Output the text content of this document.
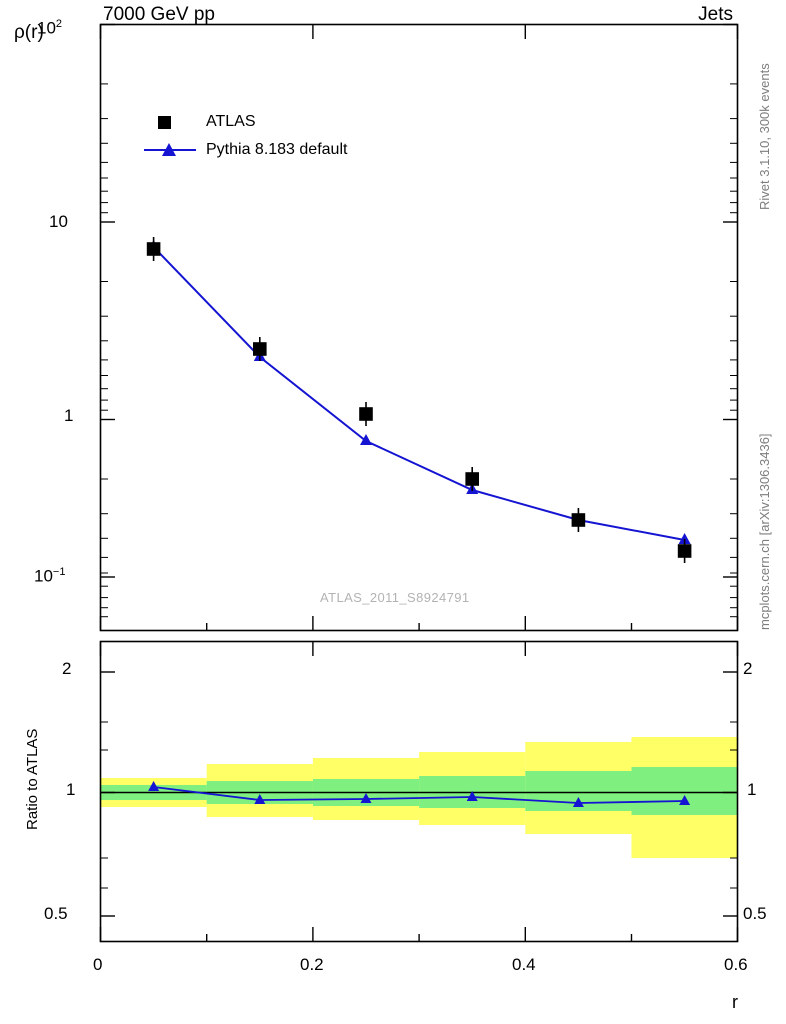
7000 GeV pp	Jets
Rivet 3.1.10, 300k events
mcplots.cern.ch [arXiv:1306.3436]
ρ(r)
Ratio to ATLAS
r
$10^2$
10
1
$10^{-1}$
2
1
0.5
2
1
0.5
0	0.2	0.4	0.6
ATLAS_2011_S8924791
ATLAS
Pythia 8.183 default
